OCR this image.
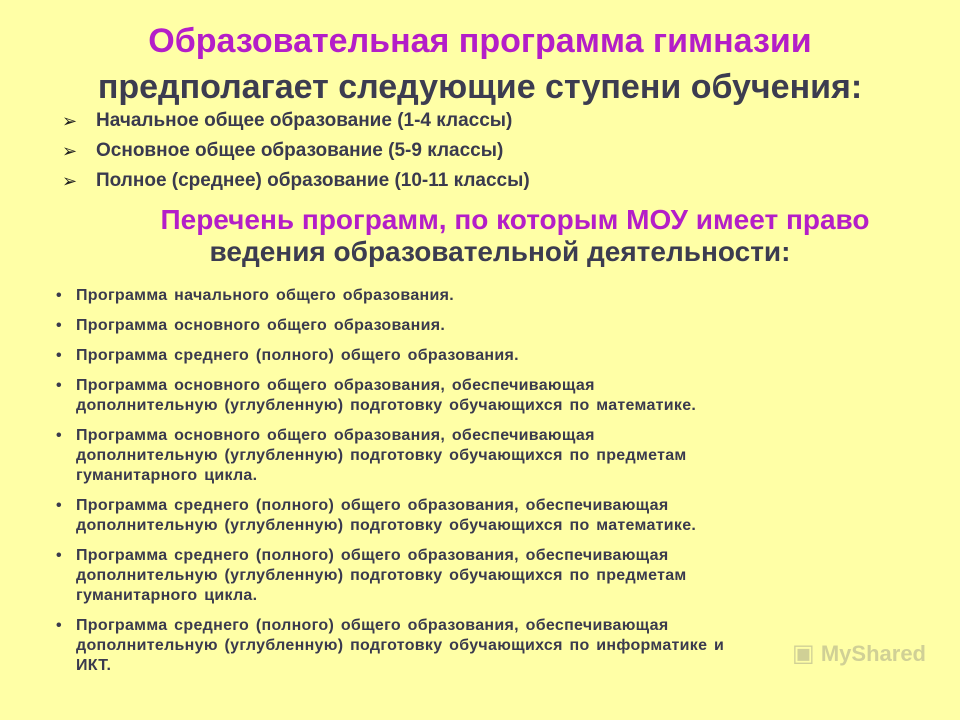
Образовательная программа гимназии
предполагает следующие ступени обучения:
➢ Начальное общее образование (1-4 классы)
➢ Основное общее образование (5-9 классы)
➢ Полное (среднее) образование (10-11 классы)
Перечень программ, по которым МОУ имеет право
ведения образовательной деятельности:
• Программа начального общего образования.
• Программа основного общего образования.
• Программа среднего (полного) общего образования.
• Программа основного общего образования, обеспечивающая
дополнительную (углубленную) подготовку обучающихся по математике.
• Программа основного общего образования, обеспечивающая
дополнительную (углубленную) подготовку обучающихся по предметам
гуманитарного цикла.
• Программа среднего (полного) общего образования, обеспечивающая
дополнительную (углубленную) подготовку обучающихся по математике.
• Программа среднего (полного) общего образования, обеспечивающая
дополнительную (углубленную) подготовку обучающихся по предметам
гуманитарного цикла.
• Программа среднего (полного) общего образования, обеспечивающая
дополнительную (углубленную) подготовку обучающихся по информатике и
ИКТ.	▣ MyShared
